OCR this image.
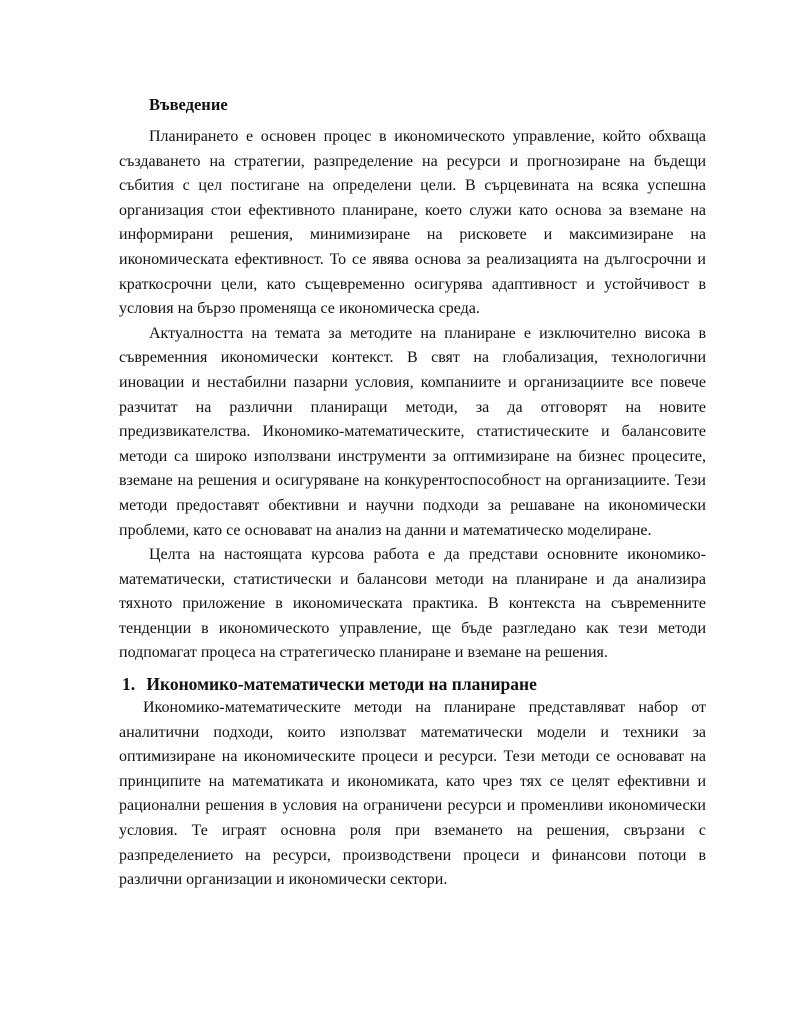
Въведение

Планирането е основен процес в икономическото управление, който обхваща създаването на стратегии, разпределение на ресурси и прогнозиране на бъдещи събития с цел постигане на определени цели. В сърцевината на всяка успешна организация стои ефективното планиране, което служи като основа за вземане на информирани решения, минимизиране на рисковете и максимизиране на икономическата ефективност. То се явява основа за реализацията на дългосрочни и краткосрочни цели, като същевременно осигурява адаптивност и устойчивост в условия на бързо променяща се икономическа среда.

Актуалността на темата за методите на планиране е изключително висока в съвременния икономически контекст. В свят на глобализация, технологични иновации и нестабилни пазарни условия, компаниите и организациите все повече разчитат на различни планиращи методи, за да отговорят на новите предизвикателства. Икономико-математическите, статистическите и балансовите методи са широко използвани инструменти за оптимизиране на бизнес процесите, вземане на решения и осигуряване на конкурентоспособност на организациите. Тези методи предоставят обективни и научни подходи за решаване на икономически проблеми, като се основават на анализ на данни и математическо моделиране.

Целта на настоящата курсова работа е да представи основните икономико-математически, статистически и балансови методи на планиране и да анализира тяхното приложение в икономическата практика. В контекста на съвременните тенденции в икономическото управление, ще бъде разгледано как тези методи подпомагат процеса на стратегическо планиране и вземане на решения.

1. Икономико-математически методи на планиране

Икономико-математическите методи на планиране представляват набор от аналитични подходи, които използват математически модели и техники за оптимизиране на икономическите процеси и ресурси. Тези методи се основават на принципите на математиката и икономиката, като чрез тях се целят ефективни и рационални решения в условия на ограничени ресурси и променливи икономически условия. Те играят основна роля при вземането на решения, свързани с разпределението на ресурси, производствени процеси и финансови потоци в различни организации и икономически сектори.
